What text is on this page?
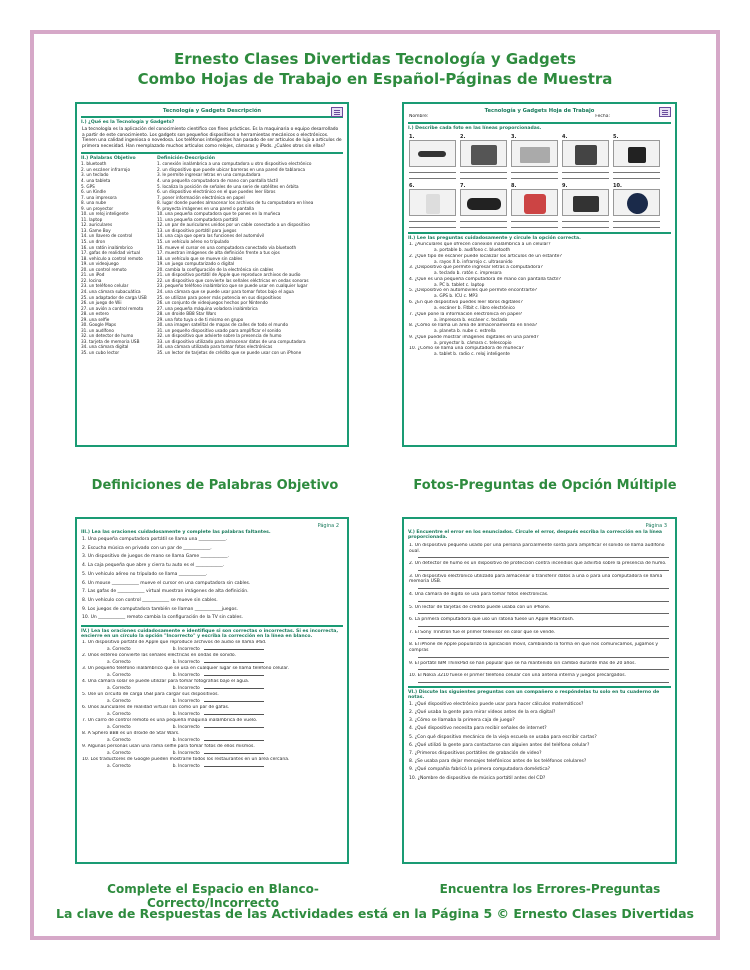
Ernesto Clases Divertidas Tecnología y Gadgets
Combo Hojas de Trabajo en Español-Páginas de Muestra
Tecnología y Gadgets Descripción
I.) ¿Qué es la Tecnología y Gadgets?
La tecnología es la aplicación del conocimiento científico con fines prácticos. Es la maquinaria o equipo desarrollado a partir de este conocimiento. Los gadgets son pequeños dispositivos o herramientas mecánicos o electrónicos. Tienen una calidad ingeniosa o novedosa. Los teléfonos inteligentes han pasado de ser artículos de lujo a artículos de primera necesidad. Han reemplazado muchos artículos como relojes, cámaras y iPods. ¿Cuáles otros sin ellas?
II.) Palabras Objetivo
1. bluetooth
2. un escáner infrarrojo
3. un teclado
4. una tableta
5. GPS
6. un Kindle
7. una impresora
8. una nube
9. un proyector
10. un reloj inteligente
11. laptop
12. auriculares
13. Game Boy
14. un llavero de control
15. un dron
16. un ratón inalámbrico
17. gafas de realidad virtual
18. vehículo a control remoto
19. un videojuego
20. un control remoto
21. un iPod
22. Iocina
23. un teléfono celular
24. una cámara subacuática
25. un adaptador de carga USB
26. un juego de Wii
27. un avión a control remoto
28. un estero
29. una selfie
30. Google Maps
31. un audífono
32. un detector de humo
33. tarjeta de memoria USB
34. una cámara digital
35. un cubo lector
Definición-Descripción
1. conexión inalámbrica a una computadora u otro dispositivo electrónico
2. un dispositivo que puede ubicar barreras en una pared de tablaroca
3. le permite ingresar letras en una computadora
4. una pequeña computadora de mano con pantalla táctil
5. localiza la posición de señales de una serie de satélites en órbita
6. un dispositivo electrónico en el que puedes leer libros
7. poner información electrónica en papel
8. lugar donde puedes almacenar los archivos de tu computadora en línea
9. proyecta imágenes en una pared o pantalla
10. una pequeña computadora que te pones en la muñeca
11. una pequeña computadora portátil
12. un par de auriculares unidos por un cable conectado a un dispositivo
13. un dispositivo portátil para juegos
14. una caja que opera las funciones del automóvil
15. un vehículo aéreo no tripulado
16. mueve el cursor en una computadora conectado vía bluetooth
17. muestran imágenes de alta definición frente a tus ojos
18. un vehículo que se mueve sin cables
19. un juego computarizado o digital
20. cambia la configuración de la electrónica sin cables
21. un dispositivo portátil de Apple que reproduce archivos de audio
22. un dispositivo que convierte las señales eléctricas en ondas sonoras
23. pequeño teléfono inalámbrico que se puede usar en cualquier lugar
24. una cámara que se puede usar para tomar fotos bajo el agua
25. se utilizan para poner más potencia en sus dispositivos
26. un conjunto de videojuegos hechos por Nintendo
27. una pequeña máquina voladora inalámbrica
28. un droide BB8 Star Wars
29. una foto tuya o de ti mismo en grupo
30. una imagen satelital de mapas de calles de todo el mundo
31. un pequeño dispositivo usado para amplificar el sonido
32. un dispositivo que advierte sobre la presencia de humo
33. un dispositivo utilizado para almacenar datos de una computadora
34. una cámara utilizada para tomar fotos electrónicas
35. un lector de tarjetas de crédito que se puede usar con un iPhone
Tecnología y Gadgets Hoja de Trabajo
Nombre:	Fecha:
I.) Describe cada foto en las líneas proporcionadas.
1.	2.	3.	4.	5.
6.	7.	8.	9.	10.
II.) Lee las preguntas cuidadosamente y circule la opción correcta.
1. ¿Auriculares que ofrecen conexión inalámbrica a un celular?
a. portable b. audífono c. bluetooth
2. ¿Qué tipo de escáner puede localizar los artículos de un estante?
a. rayos X b. infrarrojo c. ultrasonido
3. ¿Dispositivo que permite ingresar letras a computadora?
a. teclado b. ratón c. impresora
4. ¿Qué es una pequeña computadora de mano con pantalla táctil?
a. PC b. tablet c. laptop
5. ¿Dispositivo en automóviles que permite encontrarte?
a. GPS b. ICU c. MP3
6. ¿En qué dispositivo puedes leer libros digitales?
a. escáner b. Fitbit c. libro electrónico
7. ¿Qué pone la información electrónica en papel?
a. impresora b. escáner c. teclado
8. ¿Cómo se llama un área de almacenamiento en línea?
a. planeta b. nube c. estrella
9. ¿Qué puede mostrar imágenes digitales en una pared?
a. proyector b. cámara c. telescopio
10. ¿Cómo se llama una computadora de muñeca?
a. tablet b. radio c. reloj inteligente
Página 2
III.) Lea las oraciones cuidadosamente y complete las palabras faltantes.
1. Una pequeña computadora portátil se llama una ____________.
2. Escucha música en privado con un par de ____________.
3. Un dispositivo de juegos de mano se llama Game ____________.
4. La caja pequeña que abre y cierra tu auto es el ____________.
5. Un vehículo aéreo no tripulado se llama ____________.
6. Un mouse ____________ mueve el cursor en una computadora sin cables.
7. Las gafas de ____________ virtual muestran imágenes de alta definición.
8. Un vehículo con control ____________ se mueve sin cables.
9. Los juegos de computadora también se llaman ____________juegos.
10. Un ____________ remoto cambia la configuración de la TV sin cables.
IV.) Lea las oraciones cuidadosamente e identifique si son correctas o incorrectas. Si es incorrecta, encierre en un círculo la opción "Incorrecto" y escriba la corrección en la línea en blanco.
1. Un dispositivo portátil de Apple que reproduce archivos de audio se llama iPad.
a. Correcto	b. Incorrecto
2. Unos estéreo convierte las señales eléctricas en ondas de sonido.
a. Correcto	b. Incorrecto
3. Un pequeño teléfono inalámbrico que se usa en cualquier lugar se llama teléfono celular.
a. Correcto	b. Incorrecto
4. Una cámara solar se puede utilizar para tomar fotografías bajo el agua.
a. Correcto	b. Incorrecto
5. Use un circuito de carga USB para cargar sus dispositivos.
a. Correcto	b. Incorrecto
6. Unos auriculares de realidad virtual son como un par de gafas.
a. Correcto	b. Incorrecto
7. Un carro de control remoto es una pequeña máquina inalámbrica de vuelo.
a. Correcto	b. Incorrecto
8. A Sphero BB8 es un droide de Star Wars.
a. Correcto	b. Incorrecto
9. Algunas personas usan una rama selfie para tomar fotos de ellos mismos.
a. Correcto	b. Incorrecto
10. Los traductores de Google pueden mostrarle todos los restaurantes en un área cercana.
a. Correcto	b. Incorrecto
Página 3
V.) Encuentre el error en los enunciados. Circule el error, después escriba la corrección en la línea proporcionada.
1. Un dispositivo pequeño usado por una persona parcialmente sorda para amplificar el sonido se llama audífono oual.
2. Un detector de humo es un dispositivo de protección contra incendios que advirtió sobre la presencia de humo.
3. Un dispositivo electrónico utilizado para almacenar o transferir datos a una o para una computadora se llama memoria USB.
4. Una cámara de digito se usa para tomar fotos electrónicas.
5. Un lector de tarjetas de crédito puede usaba con un iPhone.
6. La primera computadora que uso un ratona fuese un Apple Macintosh.
7. El Sony Trinitron fue el primer televisor en color que se vende.
8. El iPhone de Apple popularizó la aplicación móvil, cambiando la forma en que nos comunicamos, jugamos y compras
9. El portátil IBM ThinkPad se han popular que se ha mantenido sin cambió durante más de 20 años.
10. El Nokia 3210 fuese el primer teléfono celular con una antena interna y juegos precargados.
VI.) Discute las siguientes preguntas con un compañero o respóndelas tu solo en tu cuaderno de notas.
1. ¿Qué dispositivo electrónico puede usar para hacer cálculos matemáticos?
2. ¿Qué usaba la gente para mirar videos antes de la era digital?
3. ¿Cómo se llamaba la primera caja de juego?
4. ¿Qué dispositivo necesita para recibir señales de internet?
5. ¿Con qué dispositivo mecánico de la vieja escuela se usaba para escribir cartas?
6. ¿Qué utilizó la gente para contactarse con alguien antes del teléfono celular?
7. ¿Primeros dispositivos portátiles de grabación de video?
8. ¿Se usaba para dejar mensajes telefónicos antes de los teléfonos celulares?
9. ¿Qué compañía fabricó la primera computadora doméstica?
10. ¿Nombre de dispositivo de música portátil antes del CD?
Definiciones de Palabras Objetivo	Fotos-Preguntas de Opción Múltiple
Complete el Espacio en Blanco-Correcto/Incorrecto
Encuentra los Errores-Preguntas
La clave de Respuestas de las Actividades está en la Página 5 © Ernesto Clases Divertidas
